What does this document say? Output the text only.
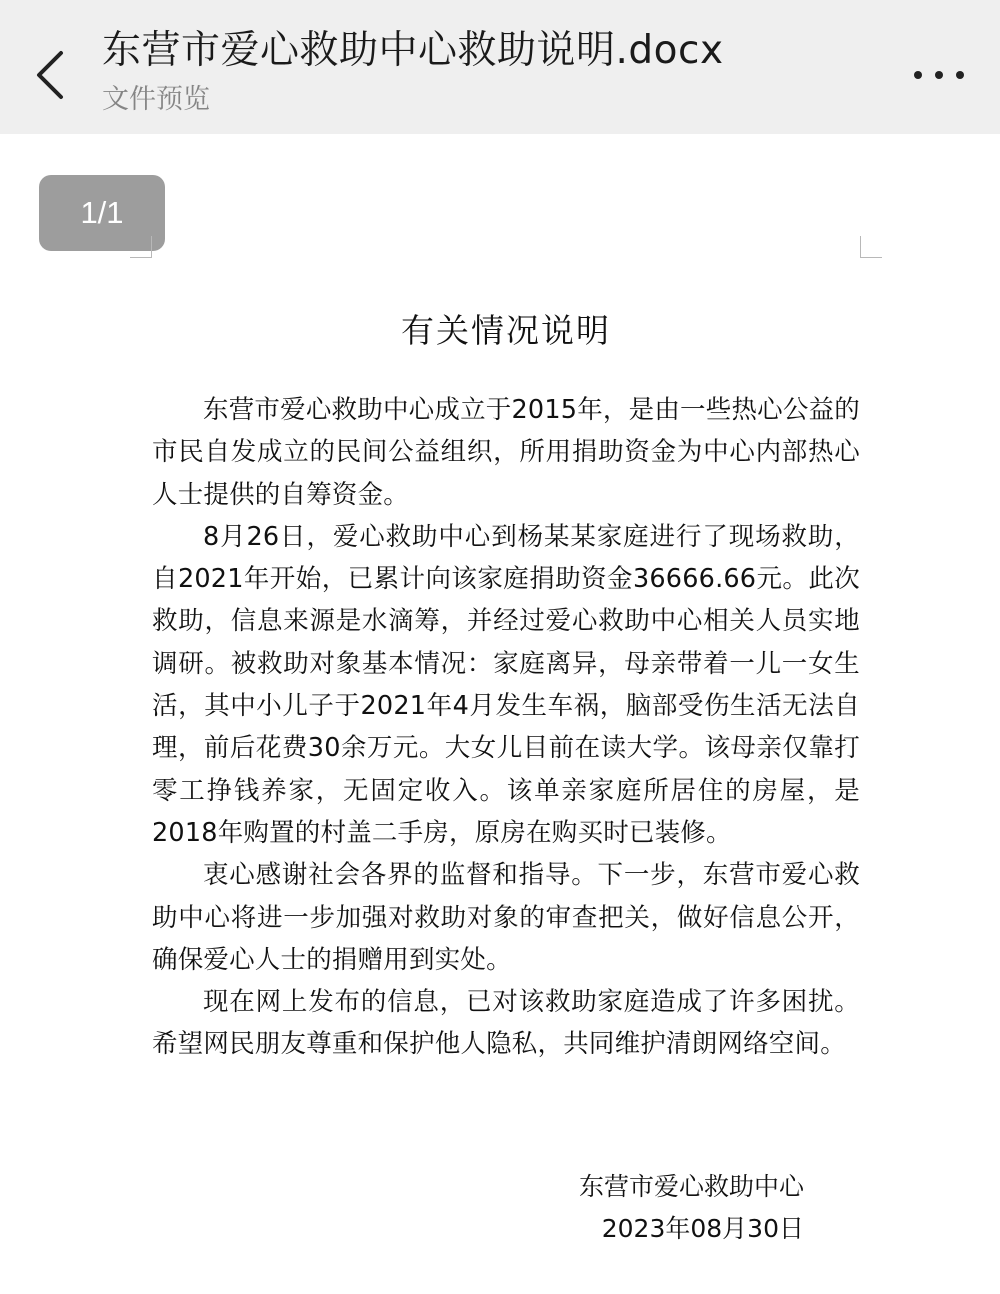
东营市爱心救助中心救助说明.docx
文件预览
1/1
有关情况说明

东营市爱心救助中心成立于2015年，是由一些热心公益的市民自发成立的民间公益组织，所用捐助资金为中心内部热心人士提供的自筹资金。

8月26日，爱心救助中心到杨某某家庭进行了现场救助，自2021年开始，已累计向该家庭捐助资金36666.66元。此次救助，信息来源是水滴筹，并经过爱心救助中心相关人员实地调研。被救助对象基本情况：家庭离异，母亲带着一儿一女生活，其中小儿子于2021年4月发生车祸，脑部受伤生活无法自理，前后花费30余万元。大女儿目前在读大学。该母亲仅靠打零工挣钱养家，无固定收入。该单亲家庭所居住的房屋，是2018年购置的村盖二手房，原房在购买时已装修。

衷心感谢社会各界的监督和指导。下一步，东营市爱心救助中心将进一步加强对救助对象的审查把关，做好信息公开，确保爱心人士的捐赠用到实处。

现在网上发布的信息，已对该救助家庭造成了许多困扰。希望网民朋友尊重和保护他人隐私，共同维护清朗网络空间。

东营市爱心救助中心
2023年08月30日
